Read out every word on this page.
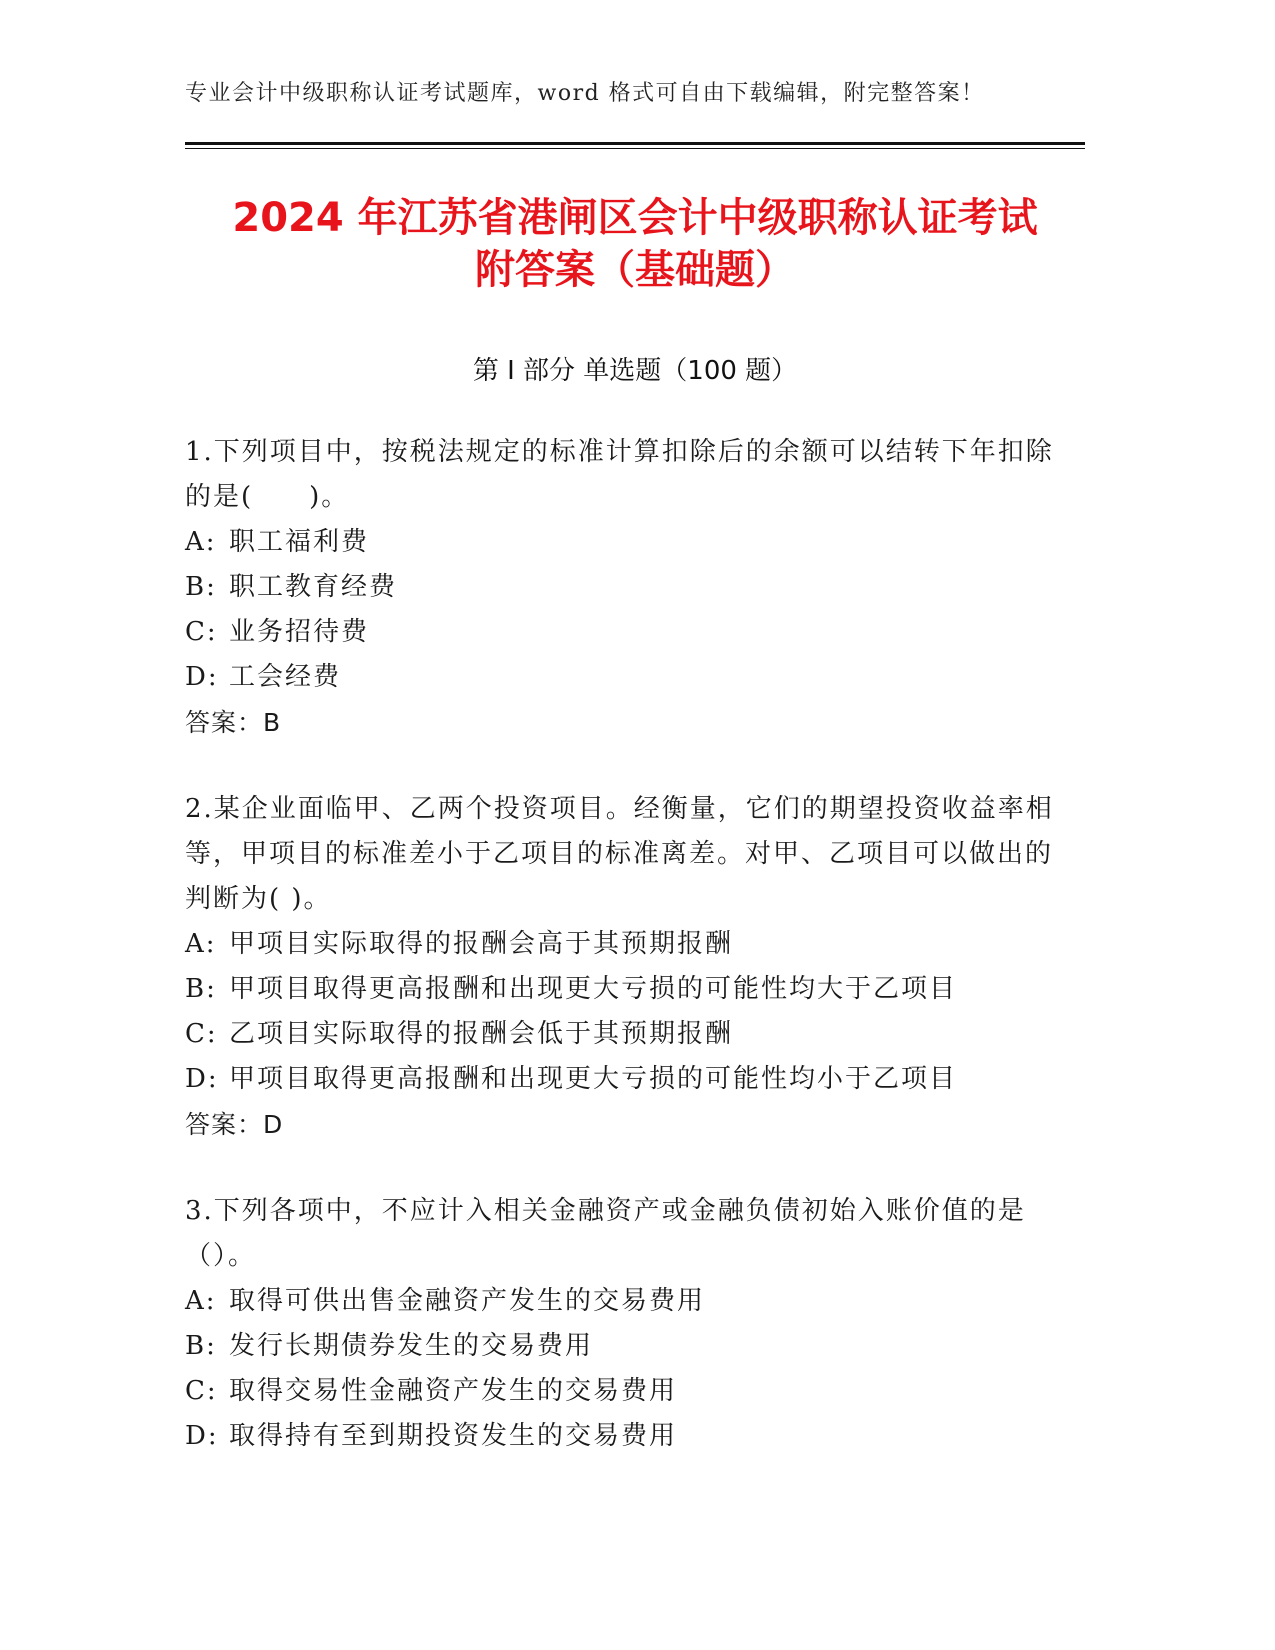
专业会计中级职称认证考试题库，word 格式可自由下载编辑，附完整答案！
2024 年江苏省港闸区会计中级职称认证考试
附答案（基础题）
第 I 部分 单选题（100 题）

1.下列项目中，按税法规定的标准计算扣除后的余额可以结转下年扣除的是(　　)。

A: 职工福利费

B: 职工教育经费

C: 业务招待费

D: 工会经费

答案：B

2.某企业面临甲、乙两个投资项目。经衡量，它们的期望投资收益率相等，甲项目的标准差小于乙项目的标准离差。对甲、乙项目可以做出的判断为( )。

A: 甲项目实际取得的报酬会高于其预期报酬

B: 甲项目取得更高报酬和出现更大亏损的可能性均大于乙项目

C: 乙项目实际取得的报酬会低于其预期报酬

D: 甲项目取得更高报酬和出现更大亏损的可能性均小于乙项目

答案：D

3.下列各项中，不应计入相关金融资产或金融负债初始入账价值的是（）。

A: 取得可供出售金融资产发生的交易费用

B: 发行长期债券发生的交易费用

C: 取得交易性金融资产发生的交易费用

D: 取得持有至到期投资发生的交易费用
